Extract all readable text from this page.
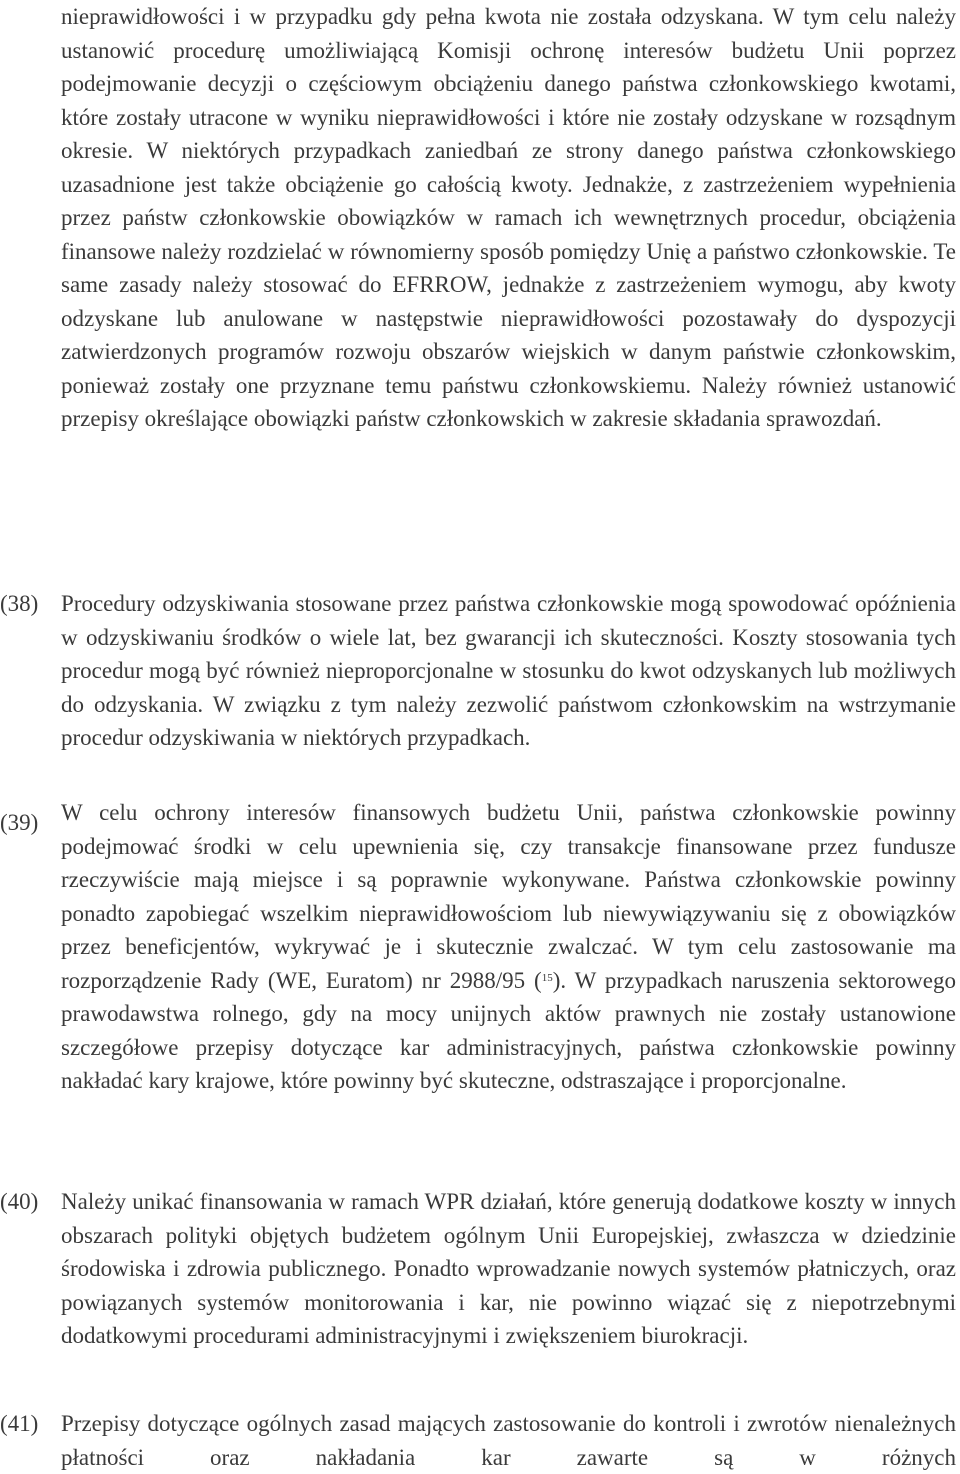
nieprawidłowości i w przypadku gdy pełna kwota nie została odzyskana. W tym celu należy ustanowić procedurę umożliwiającą Komisji ochronę interesów budżetu Unii poprzez podejmowanie decyzji o częściowym obciążeniu danego państwa członkowskiego kwotami, które zostały utracone w wyniku nieprawidłowości i które nie zostały odzyskane w rozsądnym okresie. W niektórych przypadkach zaniedbań ze strony danego państwa członkowskiego uzasadnione jest także obciążenie go całością kwoty. Jednakże, z zastrzeżeniem wypełnienia przez państw członkowskie obowiązków w ramach ich wewnętrznych procedur, obciążenia finansowe należy rozdzielać w równomierny sposób pomiędzy Unię a państwo członkowskie. Te same zasady należy stosować do EFRROW, jednakże z zastrzeżeniem wymogu, aby kwoty odzyskane lub anulowane w następstwie nieprawidłowości pozostawały do dyspozycji zatwierdzonych programów rozwoju obszarów wiejskich w danym państwie członkowskim, ponieważ zostały one przyznane temu państwu członkowskiemu. Należy również ustanowić przepisy określające obowiązki państw członkowskich w zakresie składania sprawozdań.

(38) Procedury odzyskiwania stosowane przez państwa członkowskie mogą spowodować opóźnienia w odzyskiwaniu środków o wiele lat, bez gwarancji ich skuteczności. Koszty stosowania tych procedur mogą być również nieproporcjonalne w stosunku do kwot odzyskanych lub możliwych do odzyskania. W związku z tym należy zezwolić państwom członkowskim na wstrzymanie procedur odzyskiwania w niektórych przypadkach.

(39) W celu ochrony interesów finansowych budżetu Unii, państwa członkowskie powinny podejmować środki w celu upewnienia się, czy transakcje finansowane przez fundusze rzeczywiście mają miejsce i są poprawnie wykonywane. Państwa członkowskie powinny ponadto zapobiegać wszelkim nieprawidłowościom lub niewywiązywaniu się z obowiązków przez beneficjentów, wykrywać je i skutecznie zwalczać. W tym celu zastosowanie ma rozporządzenie Rady (WE, Euratom) nr 2988/95 ($^{15}$). W przypadkach naruszenia sektorowego prawodawstwa rolnego, gdy na mocy unijnych aktów prawnych nie zostały ustanowione szczegółowe przepisy dotyczące kar administracyjnych, państwa członkowskie powinny nakładać kary krajowe, które powinny być skuteczne, odstraszające i proporcjonalne.

(40) Należy unikać finansowania w ramach WPR działań, które generują dodatkowe koszty w innych obszarach polityki objętych budżetem ogólnym Unii Europejskiej, zwłaszcza w dziedzinie środowiska i zdrowia publicznego. Ponadto wprowadzanie nowych systemów płatniczych, oraz powiązanych systemów monitorowania i kar, nie powinno wiązać się z niepotrzebnymi dodatkowymi procedurami administracyjnymi i zwiększeniem biurokracji.

(41) Przepisy dotyczące ogólnych zasad mających zastosowanie do kontroli i zwrotów nienależnych płatności oraz nakładania kar zawarte są w różnych
